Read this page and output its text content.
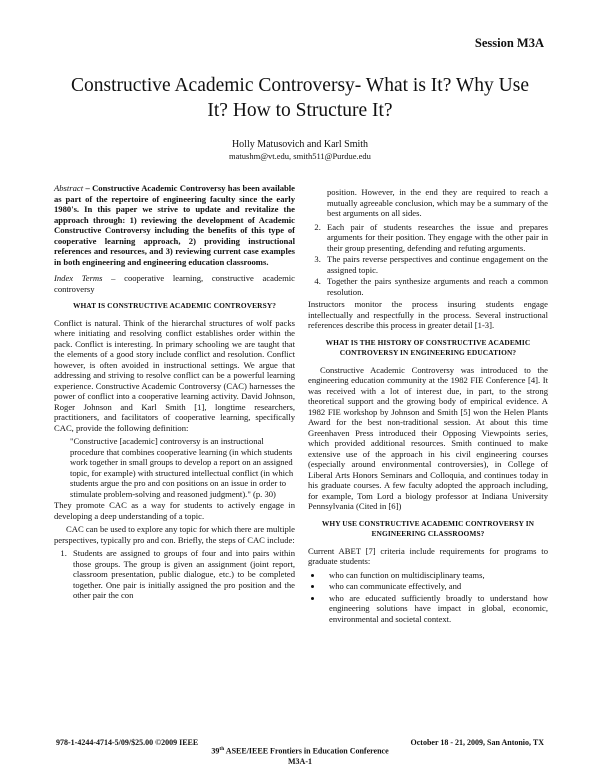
Session M3A
Constructive Academic Controversy- What is It? Why Use It? How to Structure It?
Holly Matusovich and Karl Smith
matushm@vt.edu, smith511@Purdue.edu

Abstract – Constructive Academic Controversy has been available as part of the repertoire of engineering faculty since the early 1980's. In this paper we strive to update and revitalize the approach through: 1) reviewing the development of Academic Constructive Controversy including the benefits of this type of cooperative learning approach, 2) providing instructional references and resources, and 3) reviewing current case examples in both engineering and engineering education classrooms.

Index Terms – cooperative learning, constructive academic controversy

WHAT IS CONSTRUCTIVE ACADEMIC CONTROVERSY?

Conflict is natural. Think of the hierarchal structures of wolf packs where initiating and resolving conflict establishes order within the pack. Conflict is interesting. In primary schooling we are taught that the elements of a good story include conflict and resolution. Conflict however, is often avoided in instructional settings. We argue that addressing and striving to resolve conflict can be a powerful learning experience. Constructive Academic Controversy (CAC) harnesses the power of conflict into a cooperative learning activity. David Johnson, Roger Johnson and Karl Smith [1], longtime researchers, practitioners, and facilitators of cooperative learning, specifically CAC, provide the following definition:

"Constructive [academic] controversy is an instructional procedure that combines cooperative learning (in which students work together in small groups to develop a report on an assigned topic, for example) with structured intellectual conflict (in which students argue the pro and con positions on an issue in order to stimulate problem-solving and reasoned judgment)." (p. 30)

They promote CAC as a way for students to actively engage in developing a deep understanding of a topic.

CAC can be used to explore any topic for which there are multiple perspectives, typically pro and con. Briefly, the steps of CAC include:

1. Students are assigned to groups of four and into pairs within those groups. The group is given an assignment (joint report, classroom presentation, public dialogue, etc.) to be completed together. One pair is initially assigned the pro position and the other pair the con

position. However, in the end they are required to reach a mutually agreeable conclusion, which may be a summary of the best arguments on all sides.

2. Each pair of students researches the issue and prepares arguments for their position. They engage with the other pair in their group presenting, defending and refuting arguments.
3. The pairs reverse perspectives and continue engagement on the assigned topic.
4. Together the pairs synthesize arguments and reach a common resolution.

Instructors monitor the process insuring students engage intellectually and respectfully in the process. Several instructional references describe this process in greater detail [1-3].

WHAT IS THE HISTORY OF CONSTRUCTIVE ACADEMIC CONTROVERSY IN ENGINEERING EDUCATION?

Constructive Academic Controversy was introduced to the engineering education community at the 1982 FIE Conference [4]. It was received with a lot of interest due, in part, to the strong theoretical support and the growing body of empirical evidence. A 1982 FIE workshop by Johnson and Smith [5] won the Helen Plants Award for the best non-traditional session. At about this time Greenhaven Press introduced their Opposing Viewpoints series, which provided additional resources. Smith continued to make extensive use of the approach in his civil engineering courses (especially around environmental controversies), in College of Liberal Arts Honors Seminars and Colloquia, and continues today in his graduate courses. A few faculty adopted the approach including, for example, Tom Lord a biology professor at Indiana University Pennsylvania (Cited in [6])

WHY USE CONSTRUCTIVE ACADEMIC CONTROVERSY IN ENGINEERING CLASSROOMS?

Current ABET [7] criteria include requirements for programs to graduate students:

• who can function on multidisciplinary teams,
• who can communicate effectively, and
• who are educated sufficiently broadly to understand how engineering solutions have impact in global, economic, environmental and societal context.
978-1-4244-4714-5/09/$25.00 ©2009 IEEE	October 18 - 21, 2009, San Antonio, TX
39th ASEE/IEEE Frontiers in Education Conference
M3A-1
